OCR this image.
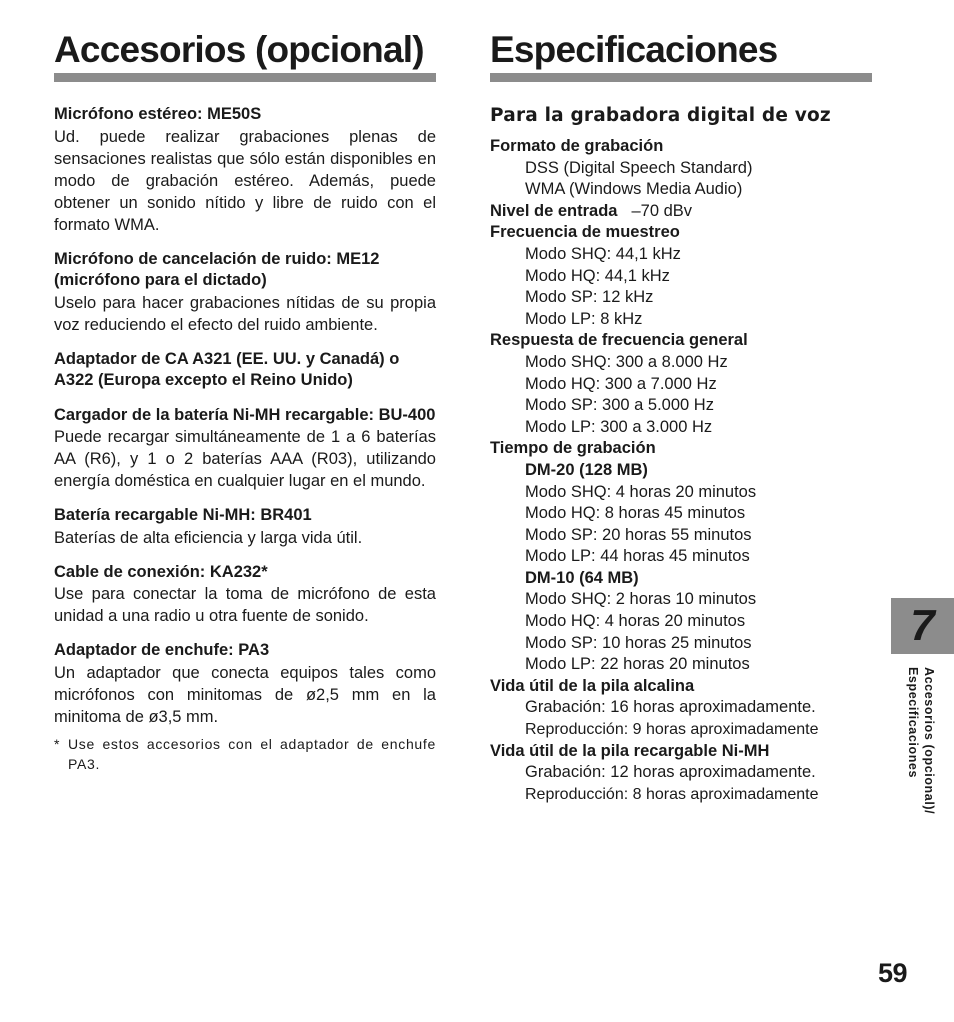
Accesorios (opcional)

Micrófono estéreo: ME50S

Ud. puede realizar grabaciones plenas de sensaciones realistas que sólo están disponibles en modo de grabación estéreo. Además, puede obtener un sonido nítido y libre de ruido con el formato WMA.

Micrófono de cancelación de ruido: ME12 (micrófono para el dictado)

Uselo para hacer grabaciones nítidas de su propia voz reduciendo el efecto del ruido ambiente.

Adaptador de CA A321 (EE. UU. y Canadá) o A322 (Europa excepto el Reino Unido)

Cargador de la batería Ni-MH recargable: BU-400

Puede recargar simultáneamente de 1 a 6 baterías AA (R6), y 1 o 2 baterías AAA (R03), utilizando energía doméstica en cualquier lugar en el mundo.

Batería recargable Ni-MH: BR401

Baterías de alta eficiencia y larga vida útil.

Cable de conexión: KA232*

Use para conectar la toma de micrófono de esta unidad a una radio u otra fuente de sonido.

Adaptador de enchufe: PA3

Un adaptador que conecta equipos tales como micrófonos con minitomas de ø2,5 mm en la minitoma de ø3,5 mm.

* Use estos accesorios con el adaptador de enchufe PA3.
Especificaciones
Para la grabadora digital de voz
Formato de grabación
DSS (Digital Speech Standard)
WMA (Windows Media Audio)
Nivel de entrada –70 dBv
Frecuencia de muestreo
Modo SHQ: 44,1 kHz
Modo HQ: 44,1 kHz
Modo SP: 12 kHz
Modo LP: 8 kHz
Respuesta de frecuencia general
Modo SHQ: 300 a 8.000 Hz
Modo HQ: 300 a 7.000 Hz
Modo SP: 300 a 5.000 Hz
Modo LP: 300 a 3.000 Hz
Tiempo de grabación
DM-20 (128 MB)
Modo SHQ: 4 horas 20 minutos
Modo HQ: 8 horas 45 minutos
Modo SP: 20 horas 55 minutos
Modo LP: 44 horas 45 minutos
DM-10 (64 MB)
Modo SHQ: 2 horas 10 minutos
Modo HQ: 4 horas 20 minutos
Modo SP: 10 horas 25 minutos
Modo LP: 22 horas 20 minutos
Vida útil de la pila alcalina
Grabación: 16 horas aproximadamente.
Reproducción: 9 horas aproximadamente
Vida útil de la pila recargable Ni-MH
Grabación: 12 horas aproximadamente.
Reproducción: 8 horas aproximadamente
7
Accesorios (opcional)/
Especificaciones
59
